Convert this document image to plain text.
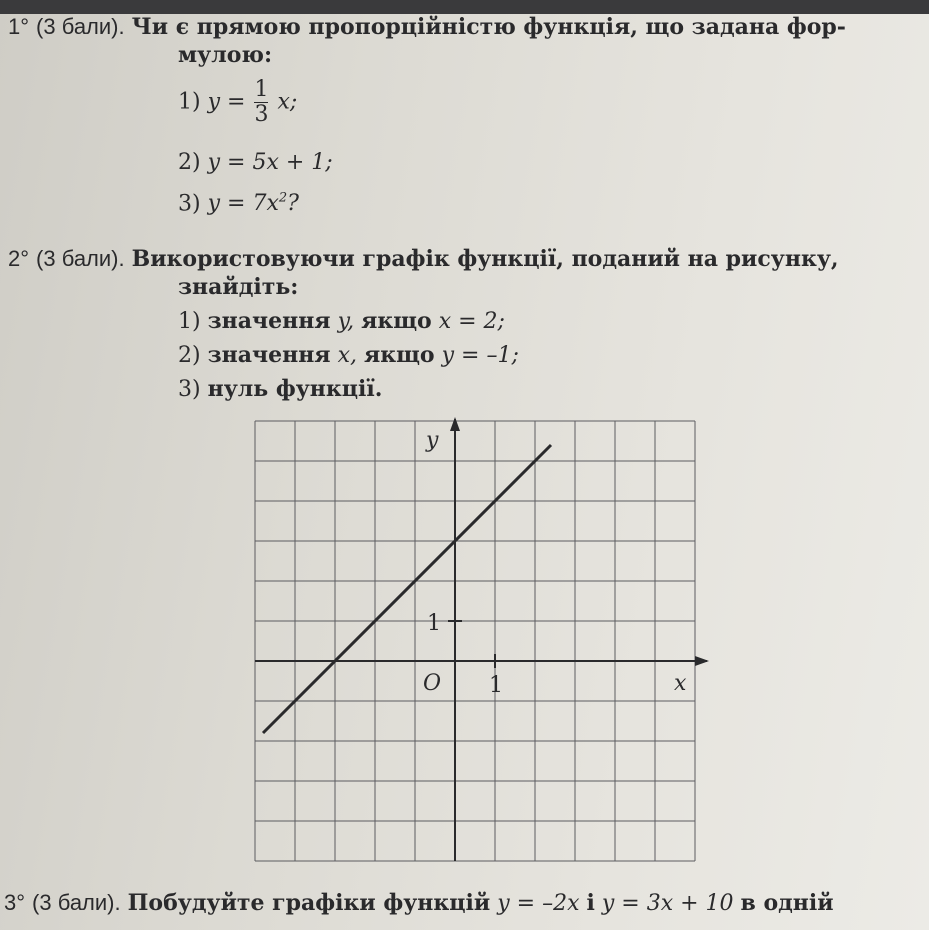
1° (3 бали). Чи є прямою пропорційністю функція, що задана фор-
мулою:
1) $y = \frac{1}{3} x$;
2) y = 5x + 1;
3) $y = 7x^2$?
2° (3 бали). Використовуючи графік функції, поданий на рисунку,
знайдіть:
1) значення y, якщо x = 2;
2) значення x, якщо y = –1;
3) нуль функції.
x
y
O 1
1
3° (3 бали). Побудуйте графіки функцій y = –2x і y = 3x + 10 в одній
